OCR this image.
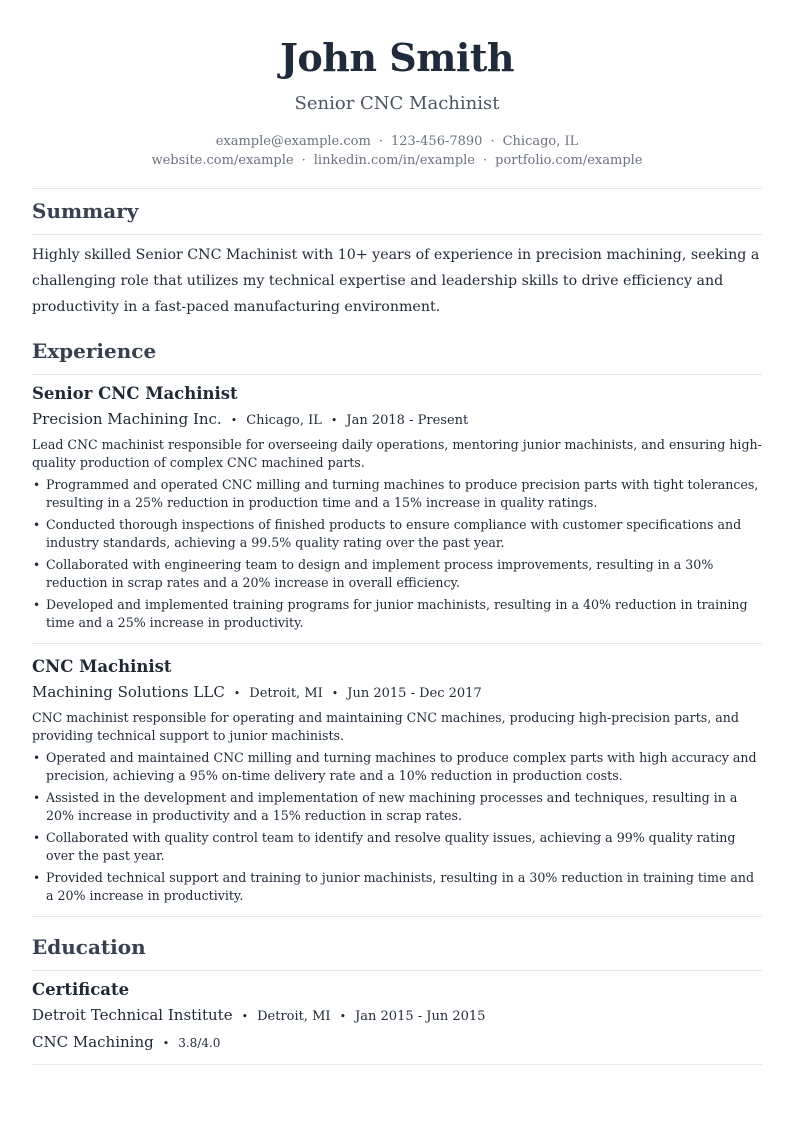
John Smith
Senior CNC Machinist
example@example.com · 123-456-7890 · Chicago, IL
website.com/example · linkedin.com/in/example · portfolio.com/example
Summary

Highly skilled Senior CNC Machinist with 10+ years of experience in precision machining, seeking a challenging role that utilizes my technical expertise and leadership skills to drive efficiency and productivity in a fast-paced manufacturing environment.

Experience
Senior CNC Machinist
Precision Machining Inc. • Chicago, IL • Jan 2018 - Present

Lead CNC machinist responsible for overseeing daily operations, mentoring junior machinists, and ensuring high-quality production of complex CNC machined parts.

• Programmed and operated CNC milling and turning machines to produce precision parts with tight tolerances, resulting in a 25% reduction in production time and a 15% increase in quality ratings.
• Conducted thorough inspections of finished products to ensure compliance with customer specifications and industry standards, achieving a 99.5% quality rating over the past year.
• Collaborated with engineering team to design and implement process improvements, resulting in a 30% reduction in scrap rates and a 20% increase in overall efficiency.
• Developed and implemented training programs for junior machinists, resulting in a 40% reduction in training time and a 25% increase in productivity.
CNC Machinist
Machining Solutions LLC • Detroit, MI • Jun 2015 - Dec 2017

CNC machinist responsible for operating and maintaining CNC machines, producing high-precision parts, and providing technical support to junior machinists.

• Operated and maintained CNC milling and turning machines to produce complex parts with high accuracy and precision, achieving a 95% on-time delivery rate and a 10% reduction in production costs.
• Assisted in the development and implementation of new machining processes and techniques, resulting in a 20% increase in productivity and a 15% reduction in scrap rates.
• Collaborated with quality control team to identify and resolve quality issues, achieving a 99% quality rating over the past year.
• Provided technical support and training to junior machinists, resulting in a 30% reduction in training time and a 20% increase in productivity.
Education
Certificate
Detroit Technical Institute • Detroit, MI • Jan 2015 - Jun 2015
CNC Machining • 3.8/4.0
